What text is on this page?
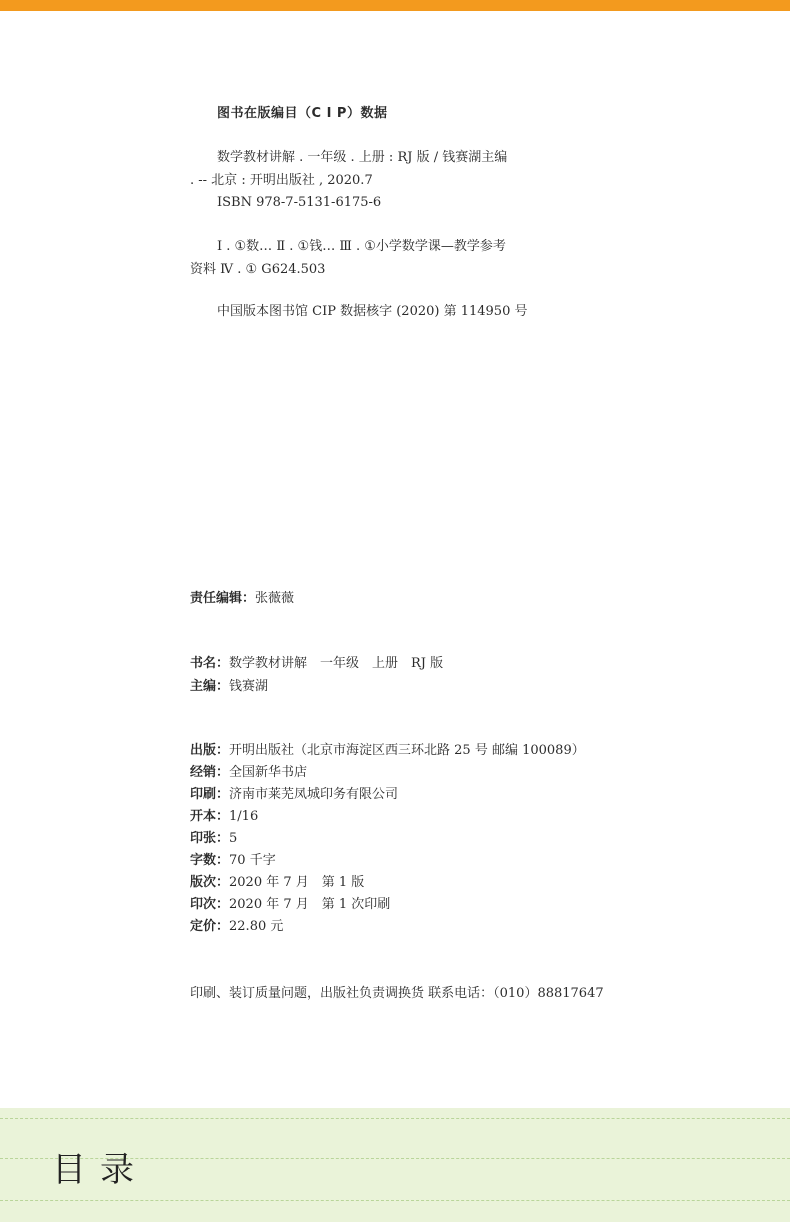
图书在版编目（C I P）数据
数学教材讲解 . 一年级 . 上册 : RJ 版 / 钱赛湖主编
. -- 北京 : 开明出版社 , 2020.7
ISBN 978-7-5131-6175-6
Ⅰ . ①数… Ⅱ . ①钱… Ⅲ . ①小学数学课—教学参考
资料 Ⅳ . ① G624.503
中国版本图书馆 CIP 数据核字 (2020) 第 114950 号
责任编辑：张薇薇
书名：数学教材讲解　一年级　上册　RJ 版
主编：钱赛湖
出版：开明出版社（北京市海淀区西三环北路 25 号 邮编 100089）
经销：全国新华书店
印刷：济南市莱芜凤城印务有限公司
开本：1/16
印张：5
字数：70 千字
版次：2020 年 7 月　第 1 版
印次：2020 年 7 月　第 1 次印刷
定价：22.80 元
印刷、装订质量问题，出版社负责调换货 联系电话：（010）88817647
目录
